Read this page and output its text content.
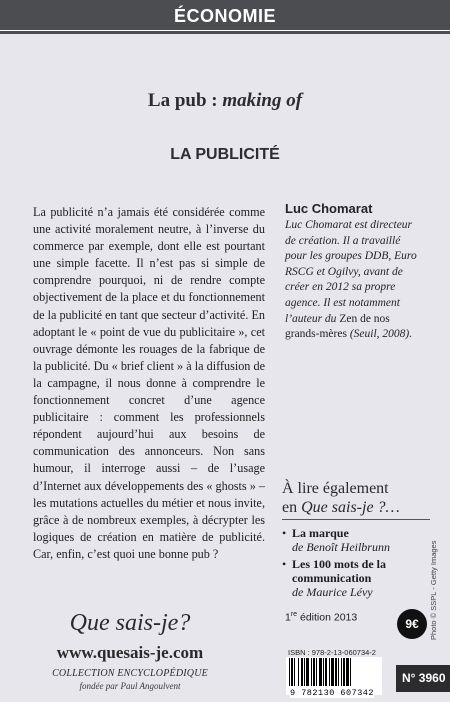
ÉCONOMIE
La pub : making of
LA PUBLICITÉ
La publicité n’a jamais été considérée comme une activité moralement neutre, à l’inverse du commerce par exemple, dont elle est pourtant une simple facette. Il n’est pas si simple de comprendre pourquoi, ni de rendre compte objectivement de la place et du fonctionnement de la publicité en tant que secteur d’activité. En adoptant le « point de vue du publicitaire », cet ouvrage démonte les rouages de la fabrique de la publicité. Du « brief client » à la diffusion de la campagne, il nous donne à comprendre le fonctionnement concret d’une agence publicitaire : comment les professionnels répondent aujourd’hui aux besoins de communication des annonceurs. Non sans humour, il interroge aussi – de l’usage d’Internet aux développements des « ghosts » – les mutations actuelles du métier et nous invite, grâce à de nombreux exemples, à décrypter les logiques de création en matière de publicité. Car, enfin, c’est quoi une bonne pub ?
Luc Chomarat
Luc Chomarat est directeur de création. Il a travaillé pour les groupes DDB, Euro RSCG et Ogilvy, avant de créer en 2012 sa propre agence. Il est notamment l’auteur du Zen de nos grands-mères (Seuil, 2008).
À lire également
en Que sais-je ?…
• La marque
de Benoît Heilbrunn
• Les 100 mots de la communication
de Maurice Lévy	Photo © SSPL - Getty Images
Que sais-je?
www.quesais-je.com
COLLECTION ENCYCLOPÉDIQUE
fondée par Paul Angoulvent
1re édition 2013	9€
ISBN : 978-2-13-060734-2
9 782130 607342
N° 3960
